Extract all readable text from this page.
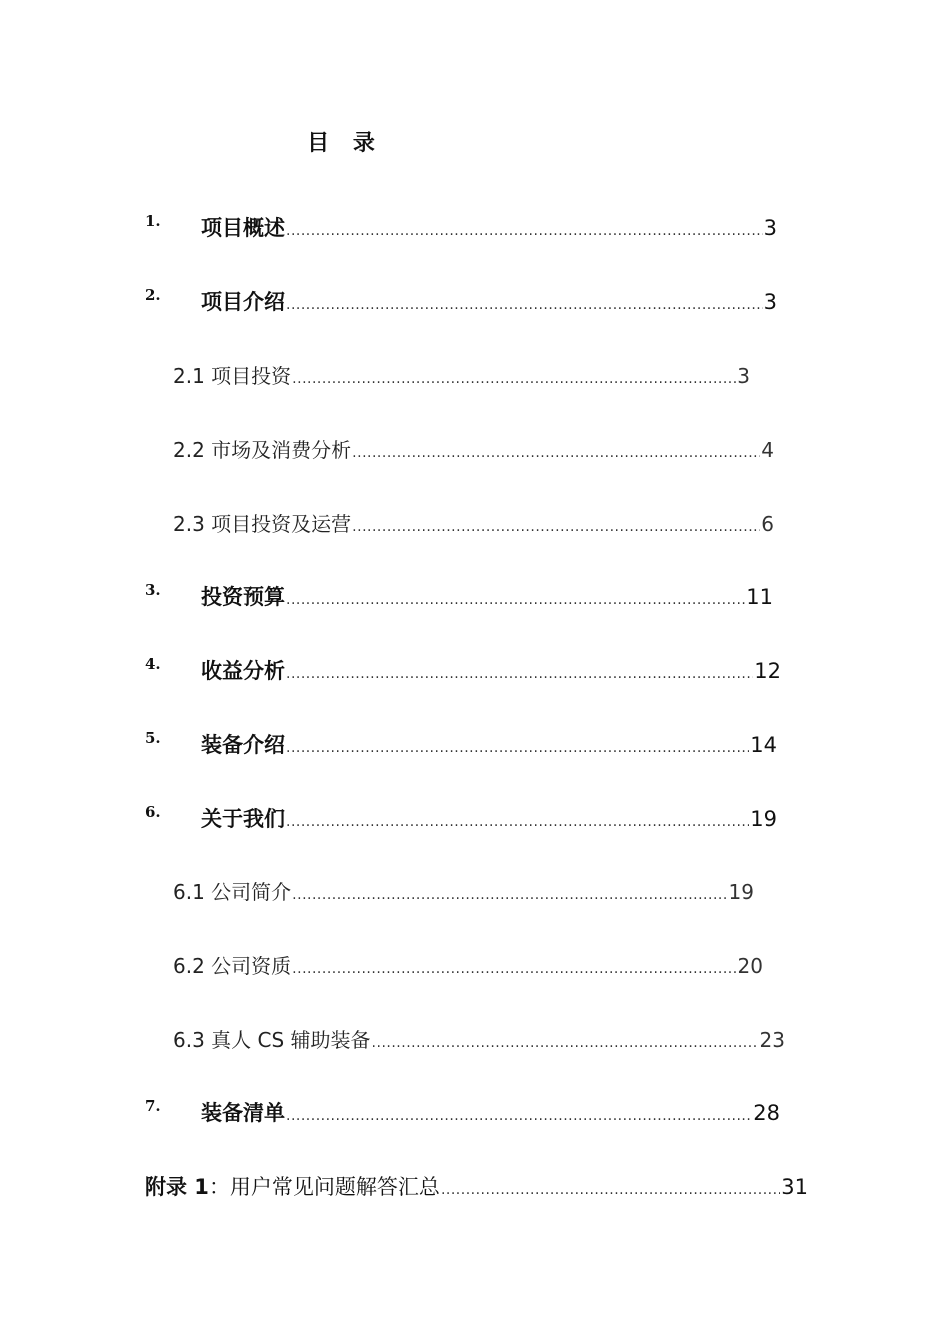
目 录
1. 项目概述 .....	3
2. 项目介绍 .....	3
2.1 项目投资 .....	3
2.2 市场及消费分析 .....	4
2.3 项目投资及运营 .....	6
3. 投资预算 .....	11
4. 收益分析 .....	12
5. 装备介绍 .....	14
6. 关于我们 .....	19
6.1 公司简介 .....	19
6.2 公司资质 .....	20
6.3 真人 CS 辅助装备 .....	23
7. 装备清单 .....	28
附录 1：用户常见问题解答汇总 .....	31
